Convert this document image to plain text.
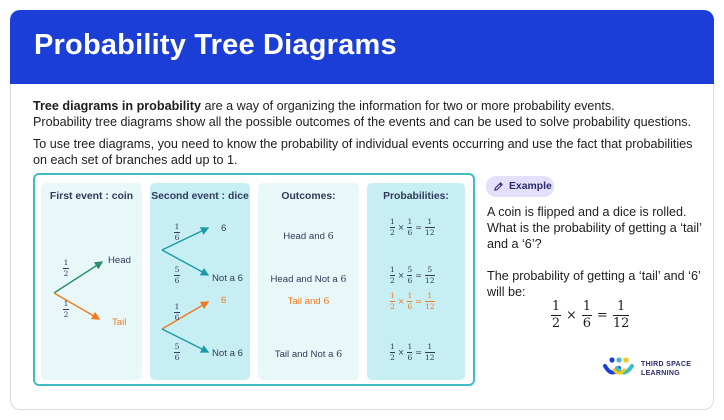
Probability Tree Diagrams
Tree diagrams in probability are a way of organizing the information for two or more probability events.
Probability tree diagrams show all the possible outcomes of the events and can be used to solve probability questions.
To use tree diagrams, you need to know the probability of individual events occurring and use the fact that probabilities on each set of branches add up to 1.
First event : coin	Second event : dice	Outcomes:
Head and 6
Head and Not a 6
Tail and 6
Tail and Not a 6
Probabilities:
Head
Tail
1
2
1
2
6
Not a 6
6
Not a 6
1
6
5
6
1
6
5
6
1
2
×
1
6
=
1
12
1
2
×
5
6
=
5
12
1
2
×
1
6
=
1
12
1
2
×
1
6
=
1
12
Example
A coin is flipped and a dice is rolled. What is the probability of getting a ‘tail’ and a ‘6’?
The probability of getting a ‘tail’ and ‘6’ will be:
1
2
×
1
6
=
1
12
THIRD SPACE
LEARNING
